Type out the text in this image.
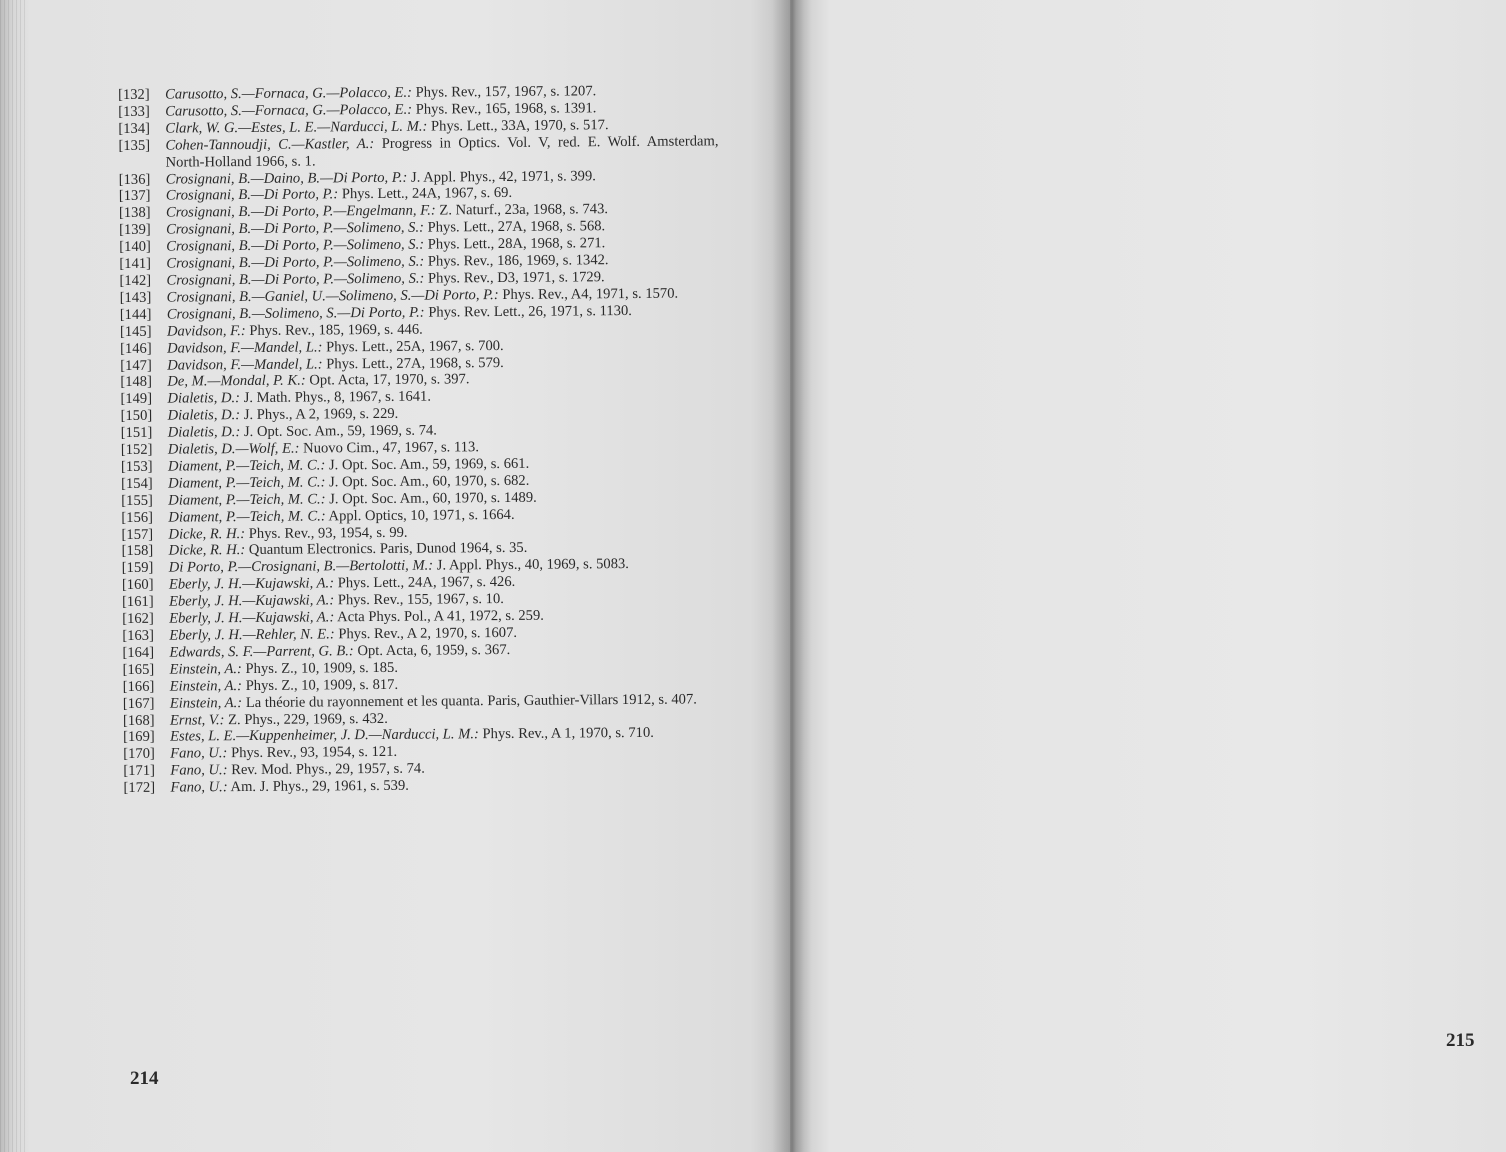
[132] Carusotto, S.—Fornaca, G.—Polacco, E.: Phys. Rev., 157, 1967, s. 1207.
[133] Carusotto, S.—Fornaca, G.—Polacco, E.: Phys. Rev., 165, 1968, s. 1391.
[134] Clark, W. G.—Estes, L. E.—Narducci, L. M.: Phys. Lett., 33A, 1970, s. 517.
[135] Cohen-Tannoudji, C.—Kastler, A.: Progress in Optics. Vol. V, red. E. Wolf. Amsterdam, North-Holland 1966, s. 1.
[136] Crosignani, B.—Daino, B.—Di Porto, P.: J. Appl. Phys., 42, 1971, s. 399.
[137] Crosignani, B.—Di Porto, P.: Phys. Lett., 24A, 1967, s. 69.
[138] Crosignani, B.—Di Porto, P.—Engelmann, F.: Z. Naturf., 23a, 1968, s. 743.
[139] Crosignani, B.—Di Porto, P.—Solimeno, S.: Phys. Lett., 27A, 1968, s. 568.
[140] Crosignani, B.—Di Porto, P.—Solimeno, S.: Phys. Lett., 28A, 1968, s. 271.
[141] Crosignani, B.—Di Porto, P.—Solimeno, S.: Phys. Rev., 186, 1969, s. 1342.
[142] Crosignani, B.—Di Porto, P.—Solimeno, S.: Phys. Rev., D3, 1971, s. 1729.
[143] Crosignani, B.—Ganiel, U.—Solimeno, S.—Di Porto, P.: Phys. Rev., A4, 1971, s. 1570.
[144] Crosignani, B.—Solimeno, S.—Di Porto, P.: Phys. Rev. Lett., 26, 1971, s. 1130.
[145] Davidson, F.: Phys. Rev., 185, 1969, s. 446.
[146] Davidson, F.—Mandel, L.: Phys. Lett., 25A, 1967, s. 700.
[147] Davidson, F.—Mandel, L.: Phys. Lett., 27A, 1968, s. 579.
[148] De, M.—Mondal, P. K.: Opt. Acta, 17, 1970, s. 397.
[149] Dialetis, D.: J. Math. Phys., 8, 1967, s. 1641.
[150] Dialetis, D.: J. Phys., A 2, 1969, s. 229.
[151] Dialetis, D.: J. Opt. Soc. Am., 59, 1969, s. 74.
[152] Dialetis, D.—Wolf, E.: Nuovo Cim., 47, 1967, s. 113.
[153] Diament, P.—Teich, M. C.: J. Opt. Soc. Am., 59, 1969, s. 661.
[154] Diament, P.—Teich, M. C.: J. Opt. Soc. Am., 60, 1970, s. 682.
[155] Diament, P.—Teich, M. C.: J. Opt. Soc. Am., 60, 1970, s. 1489.
[156] Diament, P.—Teich, M. C.: Appl. Optics, 10, 1971, s. 1664.
[157] Dicke, R. H.: Phys. Rev., 93, 1954, s. 99.
[158] Dicke, R. H.: Quantum Electronics. Paris, Dunod 1964, s. 35.
[159] Di Porto, P.—Crosignani, B.—Bertolotti, M.: J. Appl. Phys., 40, 1969, s. 5083.
[160] Eberly, J. H.—Kujawski, A.: Phys. Lett., 24A, 1967, s. 426.
[161] Eberly, J. H.—Kujawski, A.: Phys. Rev., 155, 1967, s. 10.
[162] Eberly, J. H.—Kujawski, A.: Acta Phys. Pol., A 41, 1972, s. 259.
[163] Eberly, J. H.—Rehler, N. E.: Phys. Rev., A 2, 1970, s. 1607.
[164] Edwards, S. F.—Parrent, G. B.: Opt. Acta, 6, 1959, s. 367.
[165] Einstein, A.: Phys. Z., 10, 1909, s. 185.
[166] Einstein, A.: Phys. Z., 10, 1909, s. 817.
[167] Einstein, A.: La théorie du rayonnement et les quanta. Paris, Gauthier-Villars 1912, s. 407.
[168] Ernst, V.: Z. Phys., 229, 1969, s. 432.
[169] Estes, L. E.—Kuppenheimer, J. D.—Narducci, L. M.: Phys. Rev., A 1, 1970, s. 710.
[170] Fano, U.: Phys. Rev., 93, 1954, s. 121.
[171] Fano, U.: Rev. Mod. Phys., 29, 1957, s. 74.
[172] Fano, U.: Am. J. Phys., 29, 1961, s. 539.
214
215
